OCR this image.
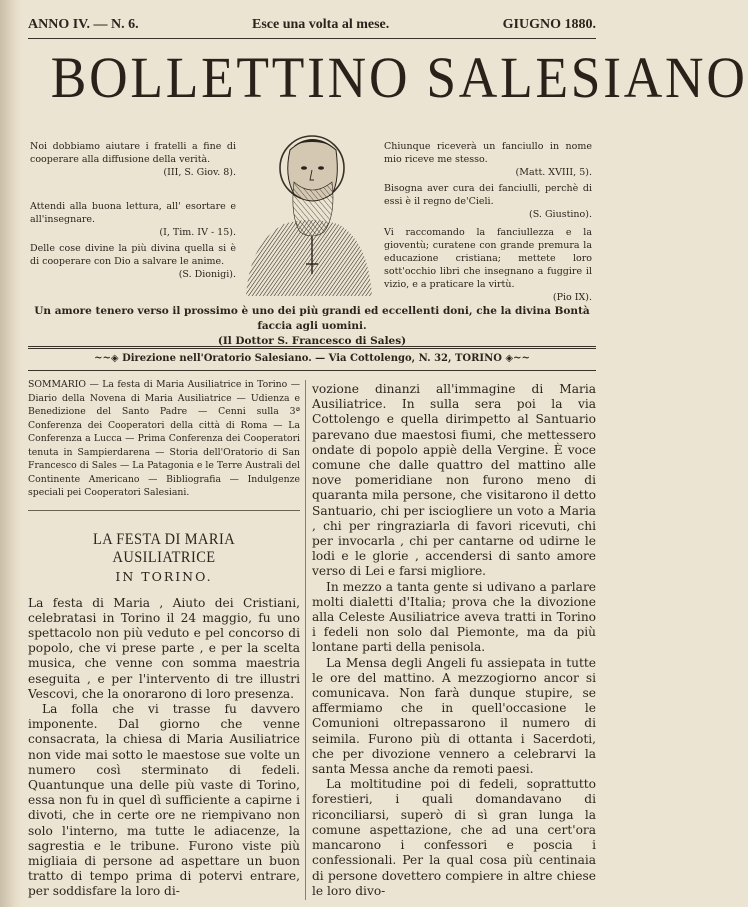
ANNO IV. — N. 6.	Esce una volta al mese.	GIUGNO 1880.
BOLLETTINO SALESIANO
Noi dobbiamo aiutare i fratelli a fine di cooperare alla diffusione della verità.
(III, S. Giov. 8).
Attendi alla buona lettura, all' esortare e all'insegnare.
(I, Tim. IV - 15).
Delle cose divine la più divina quella si è di cooperare con Dio a salvare le anime.
(S. Dionigi).
Chiunque riceverà un fanciullo in nome mio riceve me stesso.
(Matt. XVIII, 5).
Bisogna aver cura dei fanciulli, perchè di essi è il regno de'Cieli.
(S. Giustino).
Vi raccomando la fanciullezza e la gioventù; curatene con grande premura la educazione cristiana; mettete loro sott'occhio libri che insegnano a fuggire il vizio, e a praticare la virtù.
(Pio IX).
Un amore tenero verso il prossimo è uno dei più grandi ed eccellenti doni, che la divina Bontà faccia agli uomini.
(Il Dottor S. Francesco di Sales)
~~◈ Direzione nell'Oratorio Salesiano. — Via Cottolengo, N. 32, TORINO ◈~~

SOMMARIO — La festa di Maria Ausiliatrice in Torino — Diario della Novena di Maria Ausiliatrice — Udienza e Benedizione del Santo Padre — Cenni sulla 3ª Conferenza dei Cooperatori della città di Roma — La Conferenza a Lucca — Prima Conferenza dei Cooperatori tenuta in Sampierdarena — Storia dell'Oratorio di San Francesco di Sales — La Patagonia e le Terre Australi del Continente Americano — Bibliografia — Indulgenze speciali pei Cooperatori Salesiani.

LA FESTA DI MARIA AUSILIATRICE
IN TORINO.

La festa di Maria , Aiuto dei Cristiani, celebratasi in Torino il 24 maggio, fu uno spettacolo non più veduto e pel concorso di popolo, che vi prese parte , e per la scelta musica, che venne con somma maestria eseguita , e per l'intervento di tre illustri Vescovi, che la onorarono di loro presenza.

La folla che vi trasse fu davvero imponente. Dal giorno che venne consacrata, la chiesa di Maria Ausiliatrice non vide mai sotto le maestose sue volte un numero così sterminato di fedeli. Quantunque una delle più vaste di Torino, essa non fu in quel dì sufficiente a capirne i divoti, che in certe ore ne riempivano non solo l'interno, ma tutte le adiacenze, la sagrestia e le tribune. Furono viste più migliaia di persone ad aspettare un buon tratto di tempo prima di potervi entrare, per soddisfare la loro di-

vozione dinanzi all'immagine di Maria Ausiliatrice. In sulla sera poi la via Cottolengo e quella dirimpetto al Santuario parevano due maestosi fiumi, che mettessero ondate di popolo appiè della Vergine. È voce comune che dalle quattro del mattino alle nove pomeridiane non furono meno di quaranta mila persone, che visitarono il detto Santuario, chi per isciogliere un voto a Maria , chi per ringraziarla di favori ricevuti, chi per invocarla , chi per cantarne od udirne le lodi e le glorie , accendersi di santo amore verso di Lei e farsi migliore.

In mezzo a tanta gente si udivano a parlare molti dialetti d'Italia; prova che la divozione alla Celeste Ausiliatrice aveva tratti in Torino i fedeli non solo dal Piemonte, ma da più lontane parti della penisola.

La Mensa degli Angeli fu assiepata in tutte le ore del mattino. A mezzogiorno ancor si comunicava. Non farà dunque stupire, se affermiamo che in quell'occasione le Comunioni oltrepassarono il numero di seimila. Furono più di ottanta i Sacerdoti, che per divozione vennero a celebrarvi la santa Messa anche da remoti paesi.

La moltitudine poi di fedeli, soprattutto forestieri, i quali domandavano di riconciliarsi, superò di sì gran lunga la comune aspettazione, che ad una cert'ora mancarono i confessori e poscia i confessionali. Per la qual cosa più centinaia di persone dovettero compiere in altre chiese le loro divo-
